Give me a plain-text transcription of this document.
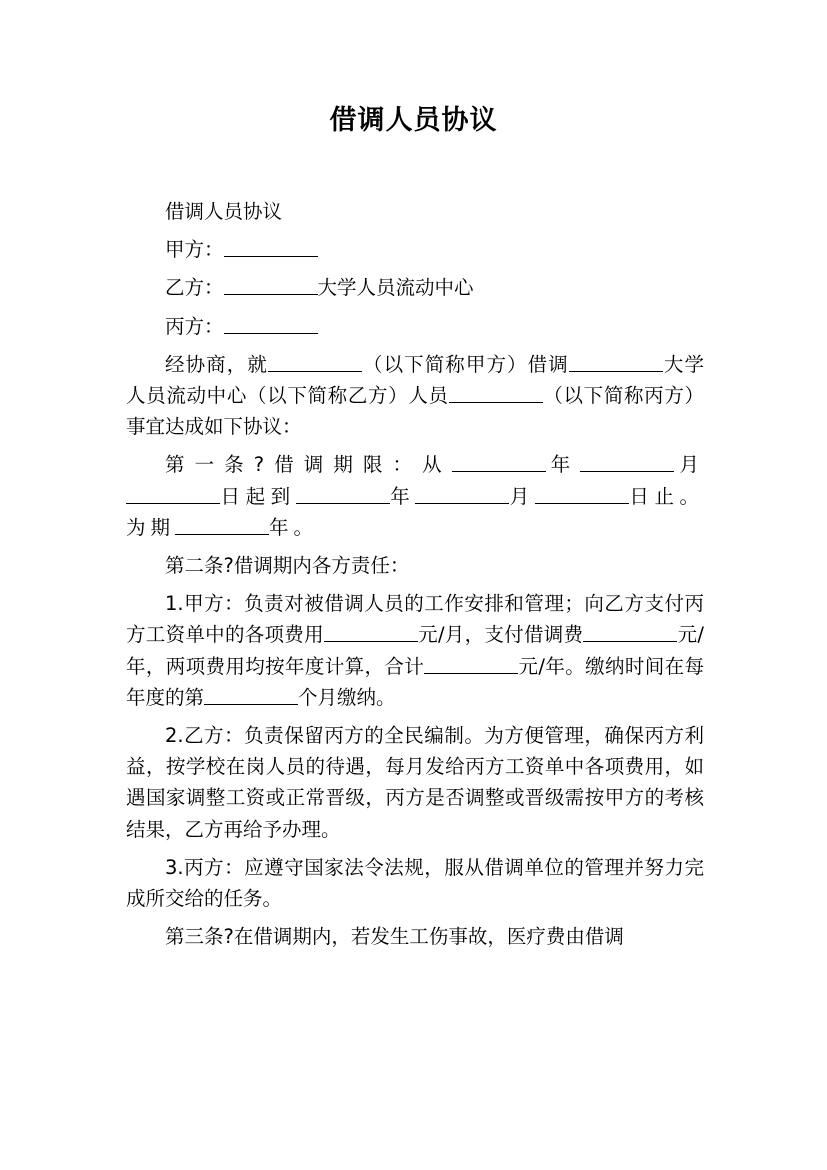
借调人员协议

借调人员协议

甲方：

乙方：	大学人员流动中心

丙方：

经协商，就	（以下简称甲方）借调	大学人员流动中心（以下简称乙方）人员	（以下简称丙方）事宜达成如下协议：

第一条?借调期限：从	年	月日起到	年	月	日止。为期	年。

第二条?借调期内各方责任：

1.甲方：负责对被借调人员的工作安排和管理；向乙方支付丙方工资单中的各项费用	元/月，支付借调费	元/年，两项费用均按年度计算，合计	元/年。缴纳时间在每年度的第	个月缴纳。

2.乙方：负责保留丙方的全民编制。为方便管理，确保丙方利益，按学校在岗人员的待遇，每月发给丙方工资单中各项费用，如遇国家调整工资或正常晋级，丙方是否调整或晋级需按甲方的考核结果，乙方再给予办理。

3.丙方：应遵守国家法令法规，服从借调单位的管理并努力完成所交给的任务。

第三条?在借调期内，若发生工伤事故，医疗费由借调
